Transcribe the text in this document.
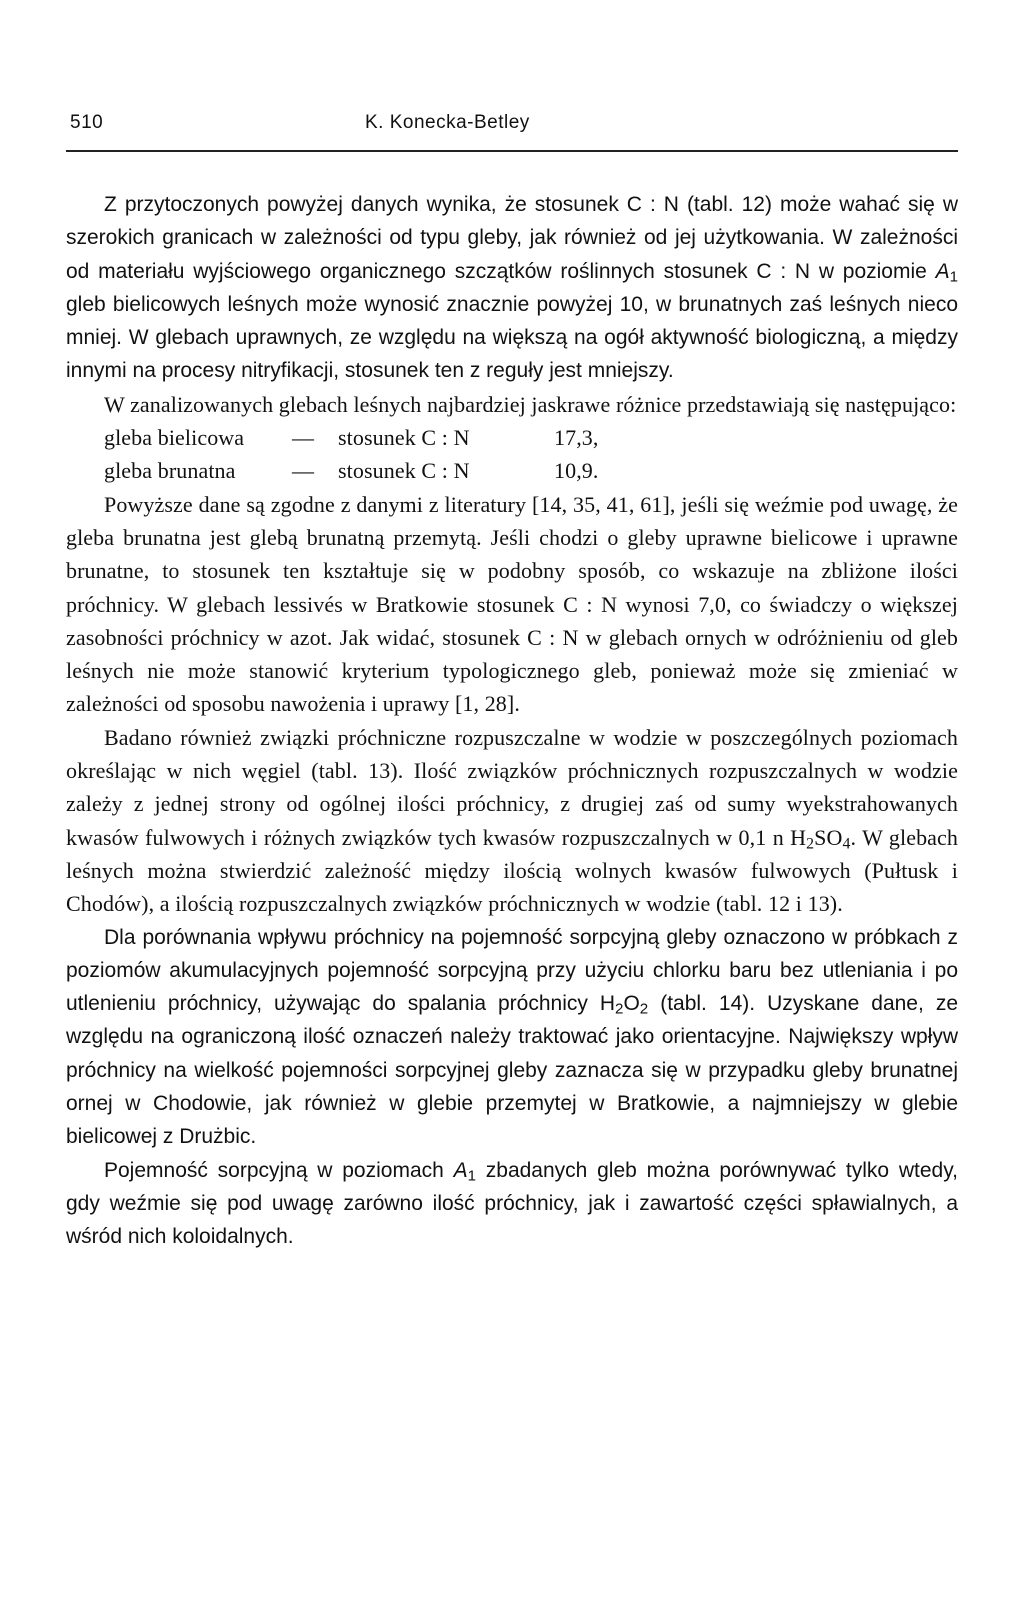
510	K. Konecka-Betley

Z przytoczonych powyżej danych wynika, że stosunek C : N (tabl. 12) może wahać się w szerokich granicach w zależności od typu gleby, jak również od jej użytkowania. W zależności od materiału wyjściowego organicznego szczątków roślinnych stosunek C : N w poziomie $A_1$ gleb bielicowych leśnych może wynosić znacznie powyżej 10, w brunatnych zaś leśnych nieco mniej. W glebach uprawnych, ze względu na większą na ogół aktywność biologiczną, a między innymi na procesy nitryfikacji, stosunek ten z reguły jest mniejszy.

W zanalizowanych glebach leśnych najbardziej jaskrawe różnice przedstawiają się następująco:

gleba bielicowa	—	stosunek C : N	17,3,
gleba brunatna	—	stosunek C : N	10,9.

Powyższe dane są zgodne z danymi z literatury [14, 35, 41, 61], jeśli się weźmie pod uwagę, że gleba brunatna jest glebą brunatną przemytą. Jeśli chodzi o gleby uprawne bielicowe i uprawne brunatne, to stosunek ten kształtuje się w podobny sposób, co wskazuje na zbliżone ilości próchnicy. W glebach lessivés w Bratkowie stosunek C : N wynosi 7,0, co świadczy o większej zasobności próchnicy w azot. Jak widać, stosunek C : N w glebach ornych w odróżnieniu od gleb leśnych nie może stanowić kryterium typologicznego gleb, ponieważ może się zmieniać w zależności od sposobu nawożenia i uprawy [1, 28].

Badano również związki próchniczne rozpuszczalne w wodzie w poszczególnych poziomach określając w nich węgiel (tabl. 13). Ilość związków próchnicznych rozpuszczalnych w wodzie zależy z jednej strony od ogólnej ilości próchnicy, z drugiej zaś od sumy wyekstrahowanych kwasów fulwowych i różnych związków tych kwasów rozpuszczalnych w 0,1 n $H_2SO_4$. W glebach leśnych można stwierdzić zależność między ilością wolnych kwasów fulwowych (Pułtusk i Chodów), a ilością rozpuszczalnych związków próchnicznych w wodzie (tabl. 12 i 13).

Dla porównania wpływu próchnicy na pojemność sorpcyjną gleby oznaczono w próbkach z poziomów akumulacyjnych pojemność sorpcyjną przy użyciu chlorku baru bez utleniania i po utlenieniu próchnicy, używając do spalania próchnicy $H_2O_2$ (tabl. 14). Uzyskane dane, ze względu na ograniczoną ilość oznaczeń należy traktować jako orientacyjne. Największy wpływ próchnicy na wielkość pojemności sorpcyjnej gleby zaznacza się w przypadku gleby brunatnej ornej w Chodowie, jak również w glebie przemytej w Bratkowie, a najmniejszy w glebie bielicowej z Drużbic.

Pojemność sorpcyjną w poziomach $A_1$ zbadanych gleb można porównywać tylko wtedy, gdy weźmie się pod uwagę zarówno ilość próchnicy, jak i zawartość części spławialnych, a wśród nich koloidalnych.
